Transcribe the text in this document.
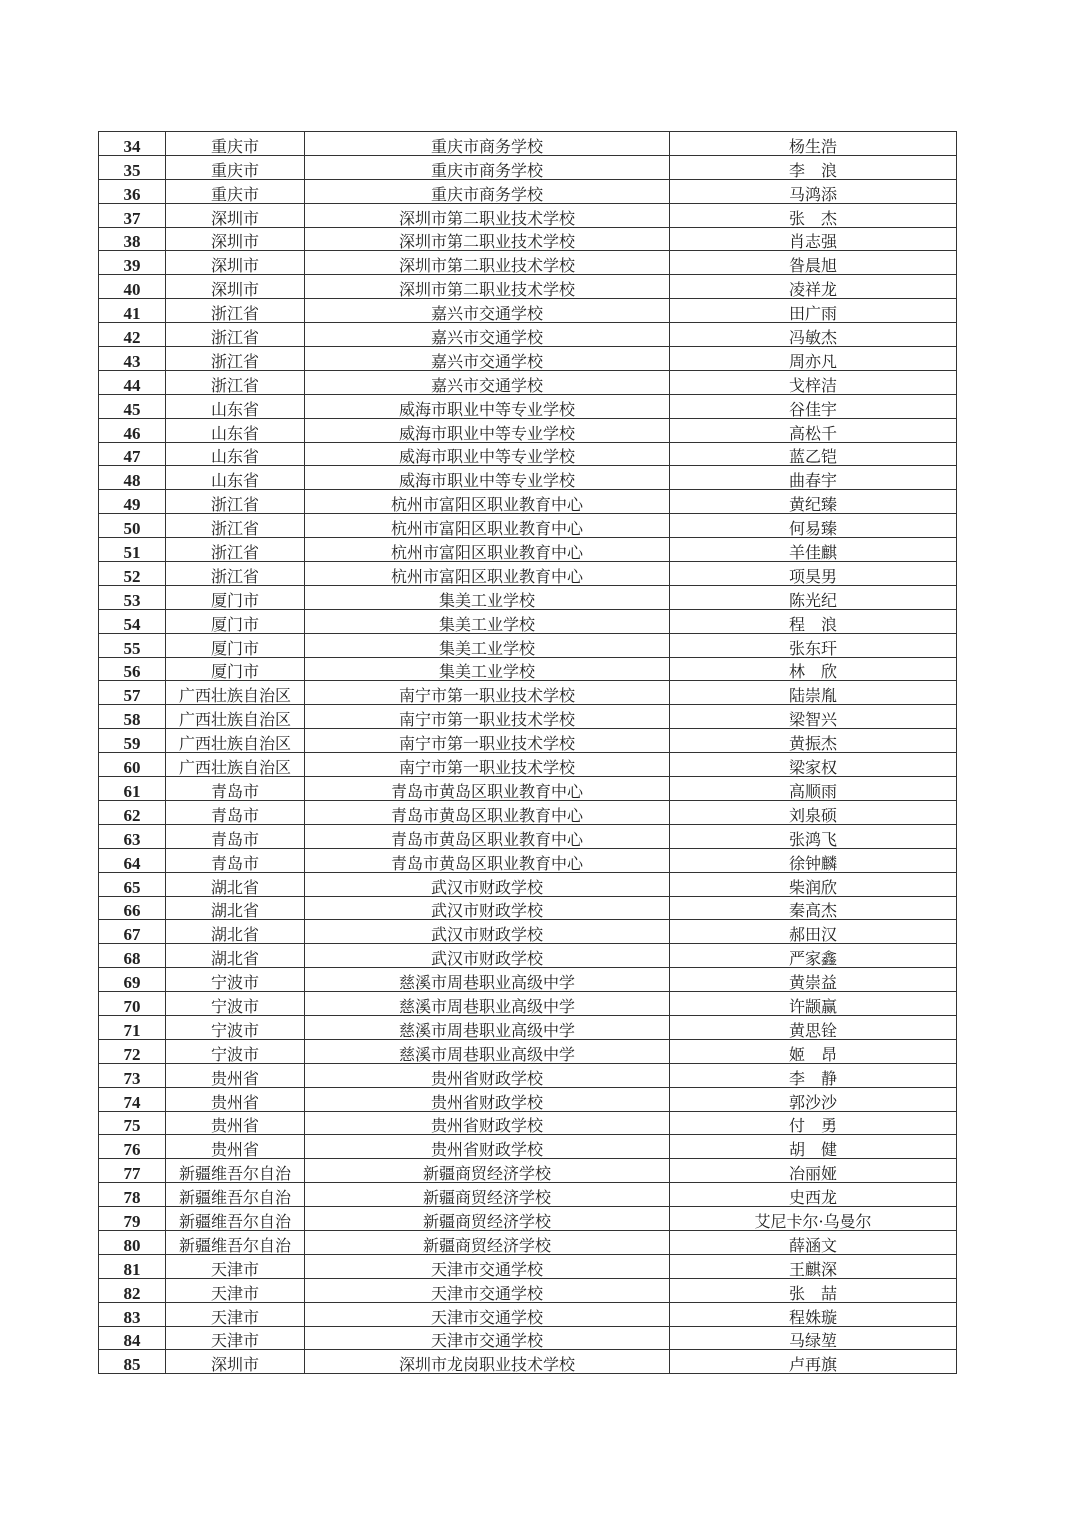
34	重庆市	重庆市商务学校	杨生浩
35	重庆市	重庆市商务学校	李　浪
36	重庆市	重庆市商务学校	马鸿添
37	深圳市	深圳市第二职业技术学校	张　杰
38	深圳市	深圳市第二职业技术学校	肖志强
39	深圳市	深圳市第二职业技术学校	昝晨旭
40	深圳市	深圳市第二职业技术学校	凌祥龙
41	浙江省	嘉兴市交通学校	田广雨
42	浙江省	嘉兴市交通学校	冯敏杰
43	浙江省	嘉兴市交通学校	周亦凡
44	浙江省	嘉兴市交通学校	戈梓洁
45	山东省	威海市职业中等专业学校	谷佳宇
46	山东省	威海市职业中等专业学校	高松千
47	山东省	威海市职业中等专业学校	蓝乙铠
48	山东省	威海市职业中等专业学校	曲春宇
49	浙江省	杭州市富阳区职业教育中心	黄纪臻
50	浙江省	杭州市富阳区职业教育中心	何易臻
51	浙江省	杭州市富阳区职业教育中心	羊佳麒
52	浙江省	杭州市富阳区职业教育中心	项昊男
53	厦门市	集美工业学校	陈光纪
54	厦门市	集美工业学校	程　浪
55	厦门市	集美工业学校	张东玕
56	厦门市	集美工业学校	林　欣
57	广西壮族自治区	南宁市第一职业技术学校	陆崇胤
58	广西壮族自治区	南宁市第一职业技术学校	梁智兴
59	广西壮族自治区	南宁市第一职业技术学校	黄振杰
60	广西壮族自治区	南宁市第一职业技术学校	梁家权
61	青岛市	青岛市黄岛区职业教育中心	高顺雨
62	青岛市	青岛市黄岛区职业教育中心	刘泉硕
63	青岛市	青岛市黄岛区职业教育中心	张鸿飞
64	青岛市	青岛市黄岛区职业教育中心	徐钟麟
65	湖北省	武汉市财政学校	柴润欣
66	湖北省	武汉市财政学校	秦高杰
67	湖北省	武汉市财政学校	郝田汉
68	湖北省	武汉市财政学校	严家鑫
69	宁波市	慈溪市周巷职业高级中学	黄崇益
70	宁波市	慈溪市周巷职业高级中学	许颛赢
71	宁波市	慈溪市周巷职业高级中学	黄思铨
72	宁波市	慈溪市周巷职业高级中学	姬　昂
73	贵州省	贵州省财政学校	李　静
74	贵州省	贵州省财政学校	郭沙沙
75	贵州省	贵州省财政学校	付　勇
76	贵州省	贵州省财政学校	胡　健
77	新疆维吾尔自治	新疆商贸经济学校	冶丽娅
78	新疆维吾尔自治	新疆商贸经济学校	史西龙
79	新疆维吾尔自治	新疆商贸经济学校	艾尼卡尔·乌曼尔
80	新疆维吾尔自治	新疆商贸经济学校	薛涵文
81	天津市	天津市交通学校	王麒深
82	天津市	天津市交通学校	张　喆
83	天津市	天津市交通学校	程姝璇
84	天津市	天津市交通学校	马绿堃
85	深圳市	深圳市龙岗职业技术学校	卢再旗
